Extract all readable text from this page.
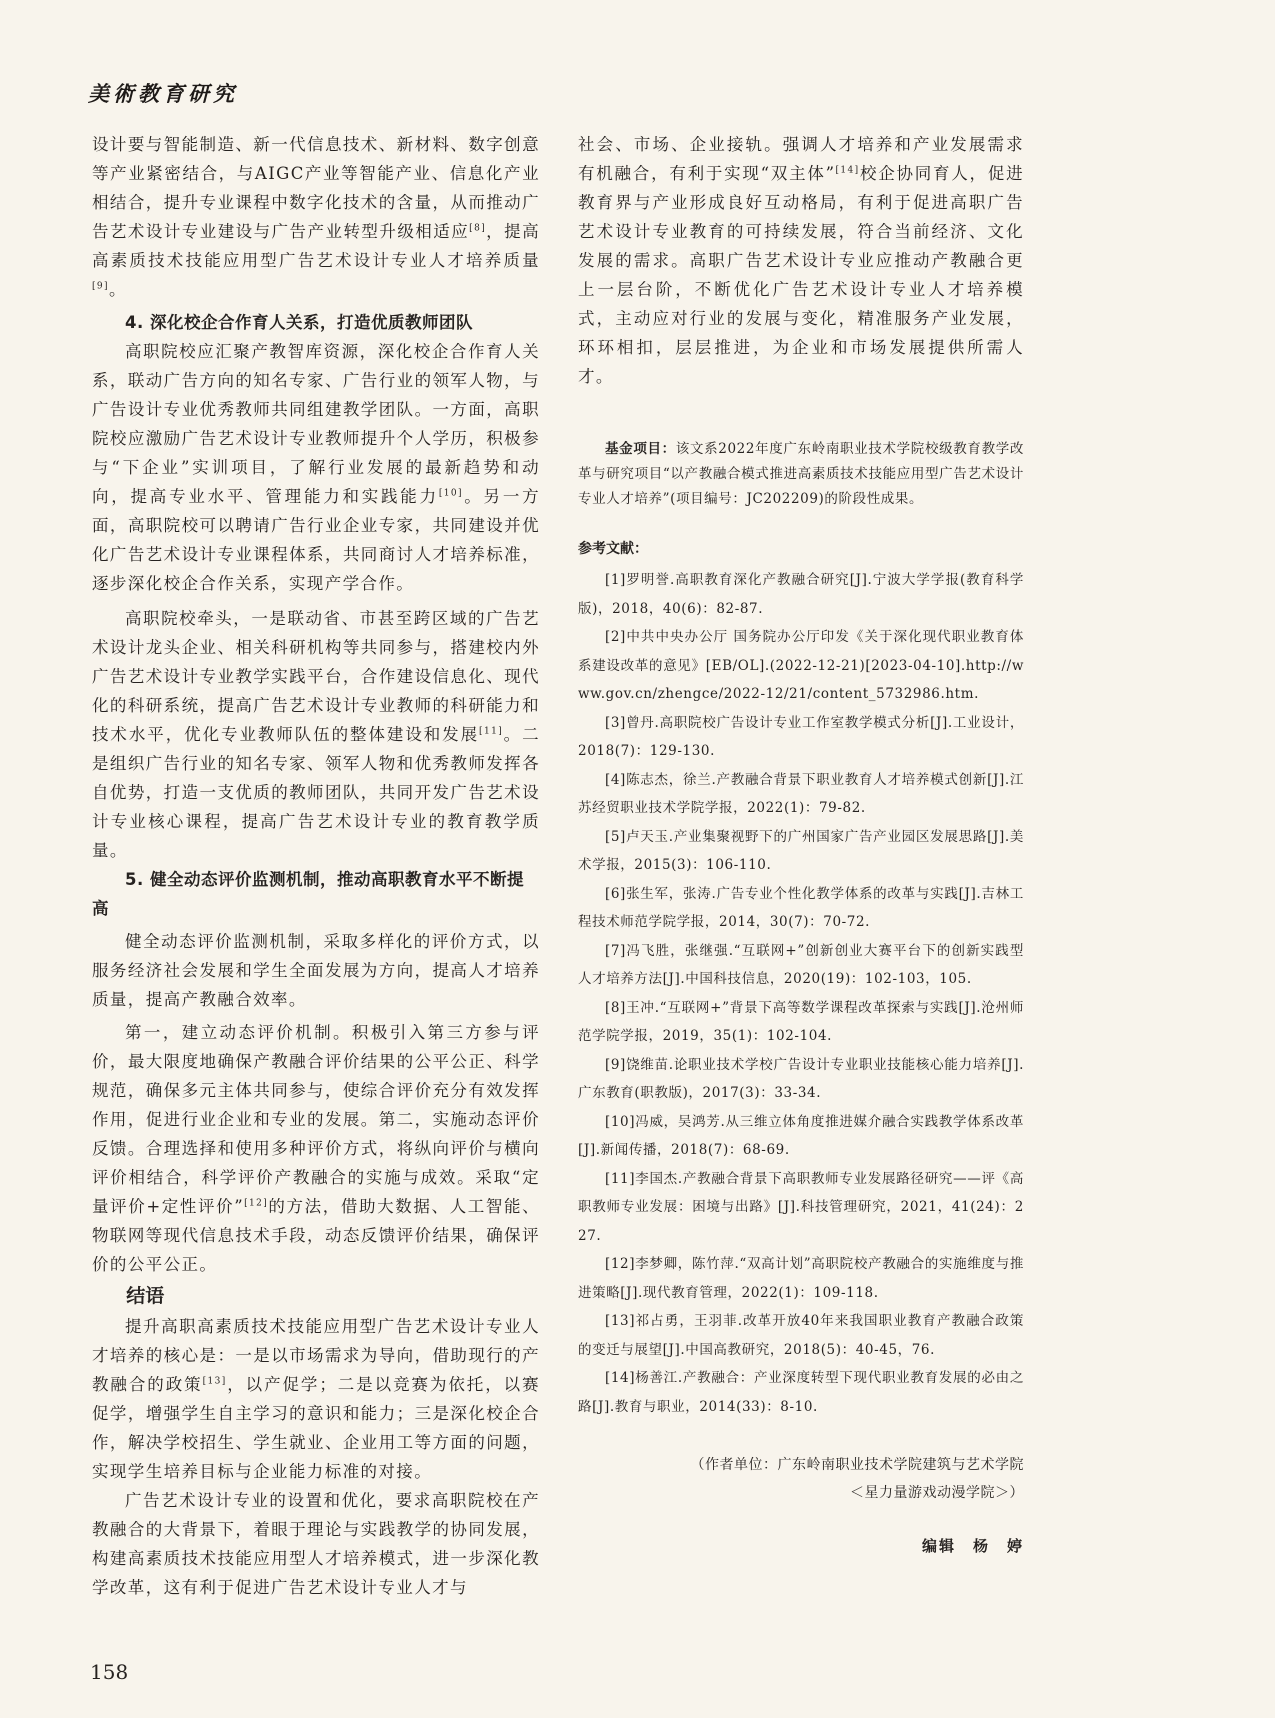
美術教育研究

设计要与智能制造、新一代信息技术、新材料、数字创意等产业紧密结合，与AIGC产业等智能产业、信息化产业相结合，提升专业课程中数字化技术的含量，从而推动广告艺术设计专业建设与广告产业转型升级相适应[8]，提高高素质技术技能应用型广告艺术设计专业人才培养质量[9]。

4. 深化校企合作育人关系，打造优质教师团队

高职院校应汇聚产教智库资源，深化校企合作育人关系，联动广告方向的知名专家、广告行业的领军人物，与广告设计专业优秀教师共同组建教学团队。一方面，高职院校应激励广告艺术设计专业教师提升个人学历，积极参与“下企业”实训项目，了解行业发展的最新趋势和动向，提高专业水平、管理能力和实践能力[10]。另一方面，高职院校可以聘请广告行业企业专家，共同建设并优化广告艺术设计专业课程体系，共同商讨人才培养标准，逐步深化校企合作关系，实现产学合作。

高职院校牵头，一是联动省、市甚至跨区域的广告艺术设计龙头企业、相关科研机构等共同参与，搭建校内外广告艺术设计专业教学实践平台，合作建设信息化、现代化的科研系统，提高广告艺术设计专业教师的科研能力和技术水平，优化专业教师队伍的整体建设和发展[11]。二是组织广告行业的知名专家、领军人物和优秀教师发挥各自优势，打造一支优质的教师团队，共同开发广告艺术设计专业核心课程，提高广告艺术设计专业的教育教学质量。

5. 健全动态评价监测机制，推动高职教育水平不断提高

健全动态评价监测机制，采取多样化的评价方式，以服务经济社会发展和学生全面发展为方向，提高人才培养质量，提高产教融合效率。

第一，建立动态评价机制。积极引入第三方参与评价，最大限度地确保产教融合评价结果的公平公正、科学规范，确保多元主体共同参与，使综合评价充分有效发挥作用，促进行业企业和专业的发展。第二，实施动态评价反馈。合理选择和使用多种评价方式，将纵向评价与横向评价相结合，科学评价产教融合的实施与成效。采取“定量评价+定性评价”[12]的方法，借助大数据、人工智能、物联网等现代信息技术手段，动态反馈评价结果，确保评价的公平公正。

结语

提升高职高素质技术技能应用型广告艺术设计专业人才培养的核心是：一是以市场需求为导向，借助现行的产教融合的政策[13]，以产促学；二是以竞赛为依托，以赛促学，增强学生自主学习的意识和能力；三是深化校企合作，解决学校招生、学生就业、企业用工等方面的问题，实现学生培养目标与企业能力标准的对接。

广告艺术设计专业的设置和优化，要求高职院校在产教融合的大背景下，着眼于理论与实践教学的协同发展，构建高素质技术技能应用型人才培养模式，进一步深化教学改革，这有利于促进广告艺术设计专业人才与

社会、市场、企业接轨。强调人才培养和产业发展需求有机融合，有利于实现“双主体”[14]校企协同育人，促进教育界与产业形成良好互动格局，有利于促进高职广告艺术设计专业教育的可持续发展，符合当前经济、文化发展的需求。高职广告艺术设计专业应推动产教融合更上一层台阶，不断优化广告艺术设计专业人才培养模式，主动应对行业的发展与变化，精准服务产业发展，环环相扣，层层推进，为企业和市场发展提供所需人才。

基金项目：该文系2022年度广东岭南职业技术学院校级教育教学改革与研究项目“以产教融合模式推进高素质技术技能应用型广告艺术设计专业人才培养”(项目编号：JC202209)的阶段性成果。

参考文献：

[1]罗明誉.高职教育深化产教融合研究[J].宁波大学学报(教育科学版)，2018，40(6)：82-87.

[2]中共中央办公厅 国务院办公厅印发《关于深化现代职业教育体系建设改革的意见》[EB/OL].(2022-12-21)[2023-04-10].http://www.gov.cn/zhengce/2022-12/21/content_5732986.htm.

[3]曾丹.高职院校广告设计专业工作室教学模式分析[J].工业设计，2018(7)：129-130.

[4]陈志杰，徐兰.产教融合背景下职业教育人才培养模式创新[J].江苏经贸职业技术学院学报，2022(1)：79-82.

[5]卢天玉.产业集聚视野下的广州国家广告产业园区发展思路[J].美术学报，2015(3)：106-110.

[6]张生军，张涛.广告专业个性化教学体系的改革与实践[J].吉林工程技术师范学院学报，2014，30(7)：70-72.

[7]冯飞胜，张继强.“互联网+”创新创业大赛平台下的创新实践型人才培养方法[J].中国科技信息，2020(19)：102-103，105.

[8]王冲.“互联网+”背景下高等数学课程改革探索与实践[J].沧州师范学院学报，2019，35(1)：102-104.

[9]饶维苗.论职业技术学校广告设计专业职业技能核心能力培养[J].广东教育(职教版)，2017(3)：33-34.

[10]冯威，吴鸿芳.从三维立体角度推进媒介融合实践教学体系改革[J].新闻传播，2018(7)：68-69.

[11]李国杰.产教融合背景下高职教师专业发展路径研究——评《高职教师专业发展：困境与出路》[J].科技管理研究，2021，41(24)：227.

[12]李梦卿，陈竹萍.“双高计划”高职院校产教融合的实施维度与推进策略[J].现代教育管理，2022(1)：109-118.

[13]祁占勇，王羽菲.改革开放40年来我国职业教育产教融合政策的变迁与展望[J].中国高教研究，2018(5)：40-45，76.

[14]杨善江.产教融合：产业深度转型下现代职业教育发展的必由之路[J].教育与职业，2014(33)：8-10.

（作者单位：广东岭南职业技术学院建筑与艺术学院
＜星力量游戏动漫学院＞）
编辑　杨　婷
158
